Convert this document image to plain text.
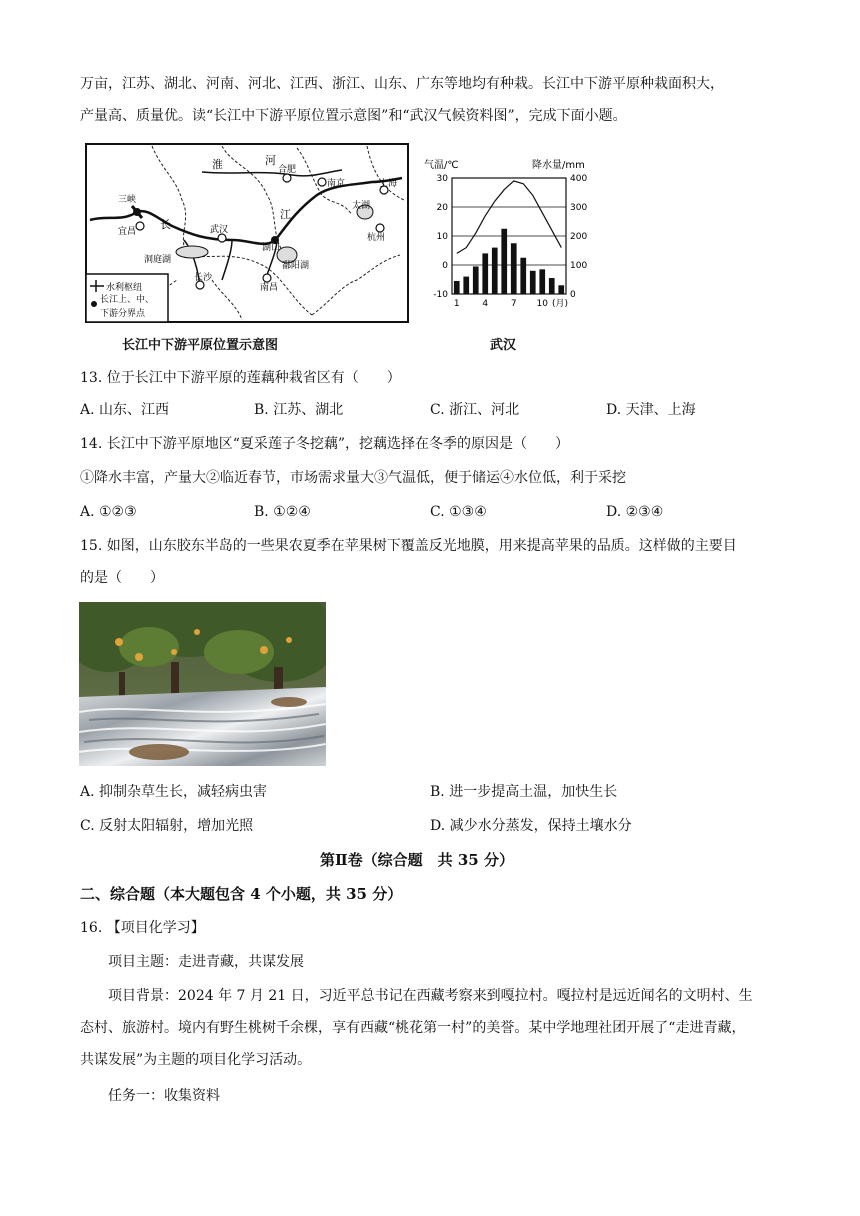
万亩，江苏、湖北、河南、河北、江西、浙江、山东、广东等地均有种栽。长江中下游平原种栽面积大，
产量高、质量优。读“长江中下游平原位置示意图”和“武汉气候资料图”，完成下面小题。
淮	河
合肥
南京	上海
太湖
杭州
三峡
宜昌
长	武汉
江
湖口
鄱阳湖
洞庭湖
长沙
南昌
水利枢纽
长江上、中、
下游分界点
长江中下游平原位置示意图
气温/℃	降水量/mm
30
20
10
0
-10
400
300
200
100
0
1	4	7 10 (月)
武汉
13. 位于长江中下游平原的莲藕种栽省区有（　　）
A. 山东、江西	B. 江苏、湖北	C. 浙江、河北	D. 天津、上海
14. 长江中下游平原地区“夏采莲子冬挖藕”，挖藕选择在冬季的原因是（　　）
①降水丰富，产量大②临近春节，市场需求量大③气温低，便于储运④水位低，利于采挖
A. ①②③	B. ①②④	C. ①③④	D. ②③④
15. 如图，山东胶东半岛的一些果农夏季在苹果树下覆盖反光地膜，用来提高苹果的品质。这样做的主要目
的是（　　）
A. 抑制杂草生长，减轻病虫害	B. 进一步提高土温，加快生长
C. 反射太阳辐射，增加光照	D. 减少水分蒸发，保持土壤水分
第Ⅱ卷（综合题　共 35 分）
二、综合题（本大题包含 4 个小题，共 35 分）
16. 【项目化学习】
项目主题：走进青藏，共谋发展
项目背景：2024 年 7 月 21 日，习近平总书记在西藏考察来到嘎拉村。嘎拉村是远近闻名的文明村、生
态村、旅游村。境内有野生桃树千余棵，享有西藏“桃花第一村”的美誉。某中学地理社团开展了“走进青藏，
共谋发展”为主题的项目化学习活动。
任务一：收集资料
